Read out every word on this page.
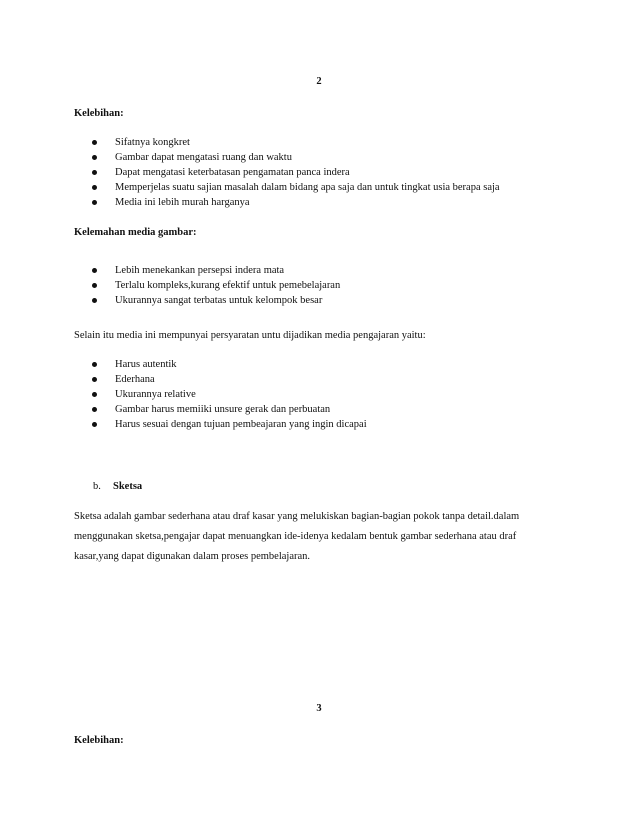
2
Kelebihan:
Sifatnya kongkret
Gambar dapat mengatasi ruang dan waktu
Dapat mengatasi keterbatasan pengamatan panca indera
Memperjelas suatu sajian masalah dalam bidang apa saja dan untuk tingkat usia berapa saja
Media ini lebih murah harganya
Kelemahan media gambar:
Lebih menekankan persepsi indera mata
Terlalu kompleks,kurang efektif untuk pemebelajaran
Ukurannya sangat terbatas untuk kelompok besar
Selain itu media ini mempunyai persyaratan untu dijadikan media pengajaran yaitu:
Harus autentik
Ederhana
Ukurannya relative
Gambar harus memiiki unsure gerak dan perbuatan
Harus sesuai dengan tujuan pembeajaran yang ingin dicapai
b. Sketsa
Sketsa adalah gambar sederhana atau draf kasar yang melukiskan bagian-bagian pokok tanpa detail.dalam
menggunakan sketsa,pengajar dapat menuangkan ide-idenya kedalam bentuk gambar sederhana atau draf
kasar,yang dapat digunakan dalam proses pembelajaran.
3
Kelebihan:
